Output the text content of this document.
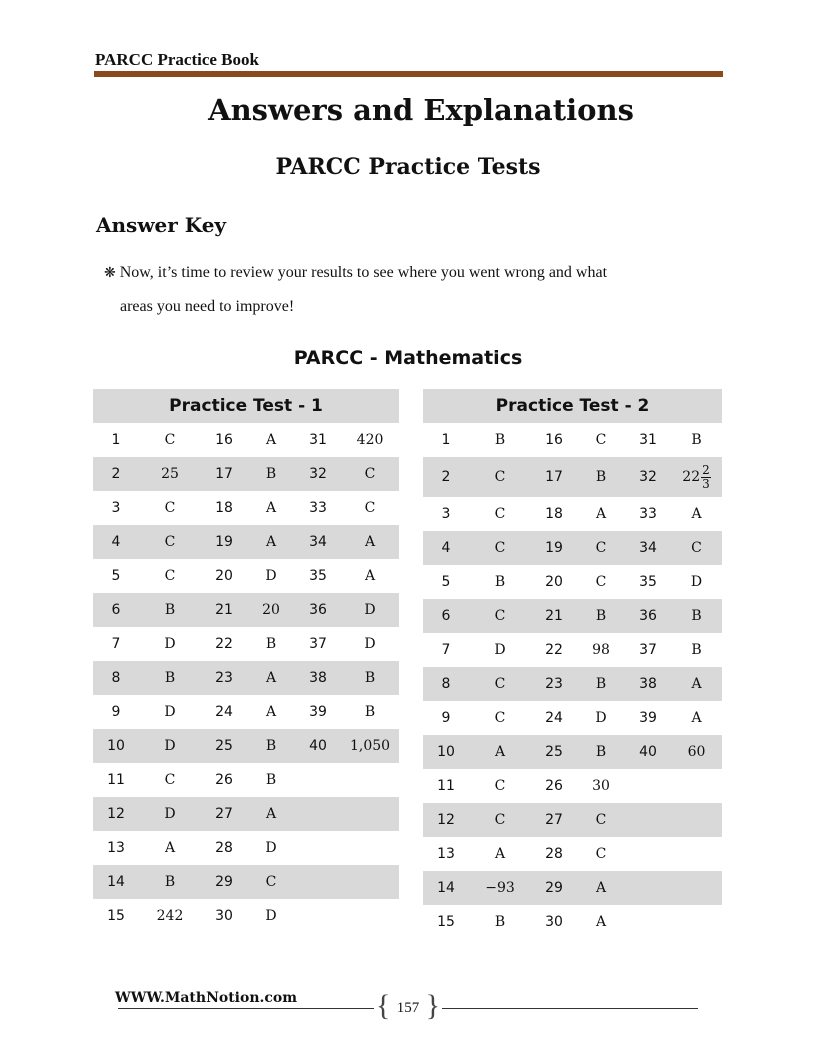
PARCC Practice Book
Answers and Explanations
PARCC Practice Tests
Answer Key
❋ Now, it’s time to review your results to see where you went wrong and what
areas you need to improve!
PARCC - Mathematics
Practice Test - 1					
1	C	16	A	31	420
2	25	17	B	32	C
3	C	18	A	33	C
4	C	19	A	34	A
5	C	20	D	35	A
6	B	21	20	36	D
7	D	22	B	37	D
8	B	23	A	38	B
9	D	24	A	39	B
10	D	25	B	40	1,050
11	C	26	B		
12	D	27	A		
13	A	28	D		
14	B	29	C		
15	242	30	D		
Practice Test - 2					
1	B	16	C	31	B
2	C	17	B	32	$22 \frac{2}{3}$

3	C	18	A	33	A
4	C	19	C	34	C
5	B	20	C	35	D
6	C	21	B	36	B
7	D	22	98	37	B
8	C	23	B	38	A
9	C	24	D	39	A
10	A	25	B	40	60
11	C	26	30		
12	C	27	C		
13	A	28	C		
14	−93	29	A		
15	B	30	A		
WWW.MathNotion.com	{ 157 }
